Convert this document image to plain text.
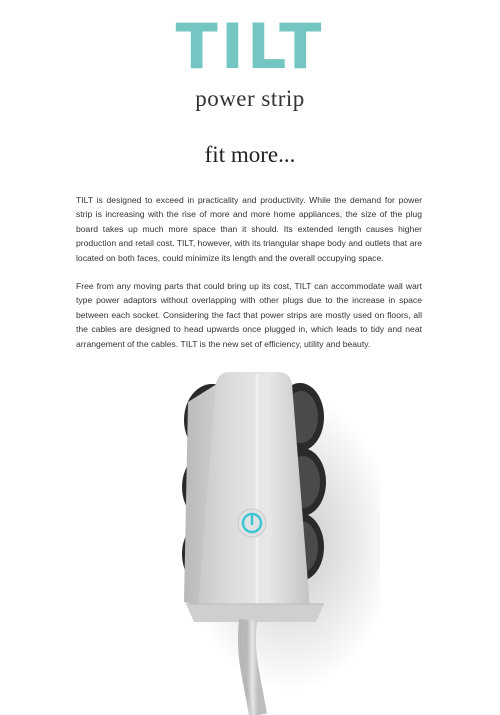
TILT
power strip
fit more...

TILT is designed to exceed in practicality and productivity. While the demand for power strip is increasing with the rise of more and more home appliances, the size of the plug board takes up much more space than it should. Its extended length causes higher production and retail cost. TILT, however, with its triangular shape body and outlets that are located on both faces, could minimize its length and the overall occupying space.

Free from any moving parts that could bring up its cost, TILT can accommodate wall wart type power adaptors without overlapping with other plugs due to the increase in space between each socket. Considering the fact that power strips are mostly used on floors, all the cables are designed to head upwards once plugged in, which leads to tidy and neat arrangement of the cables. TILT is the new set of efficiency, utility and beauty.
